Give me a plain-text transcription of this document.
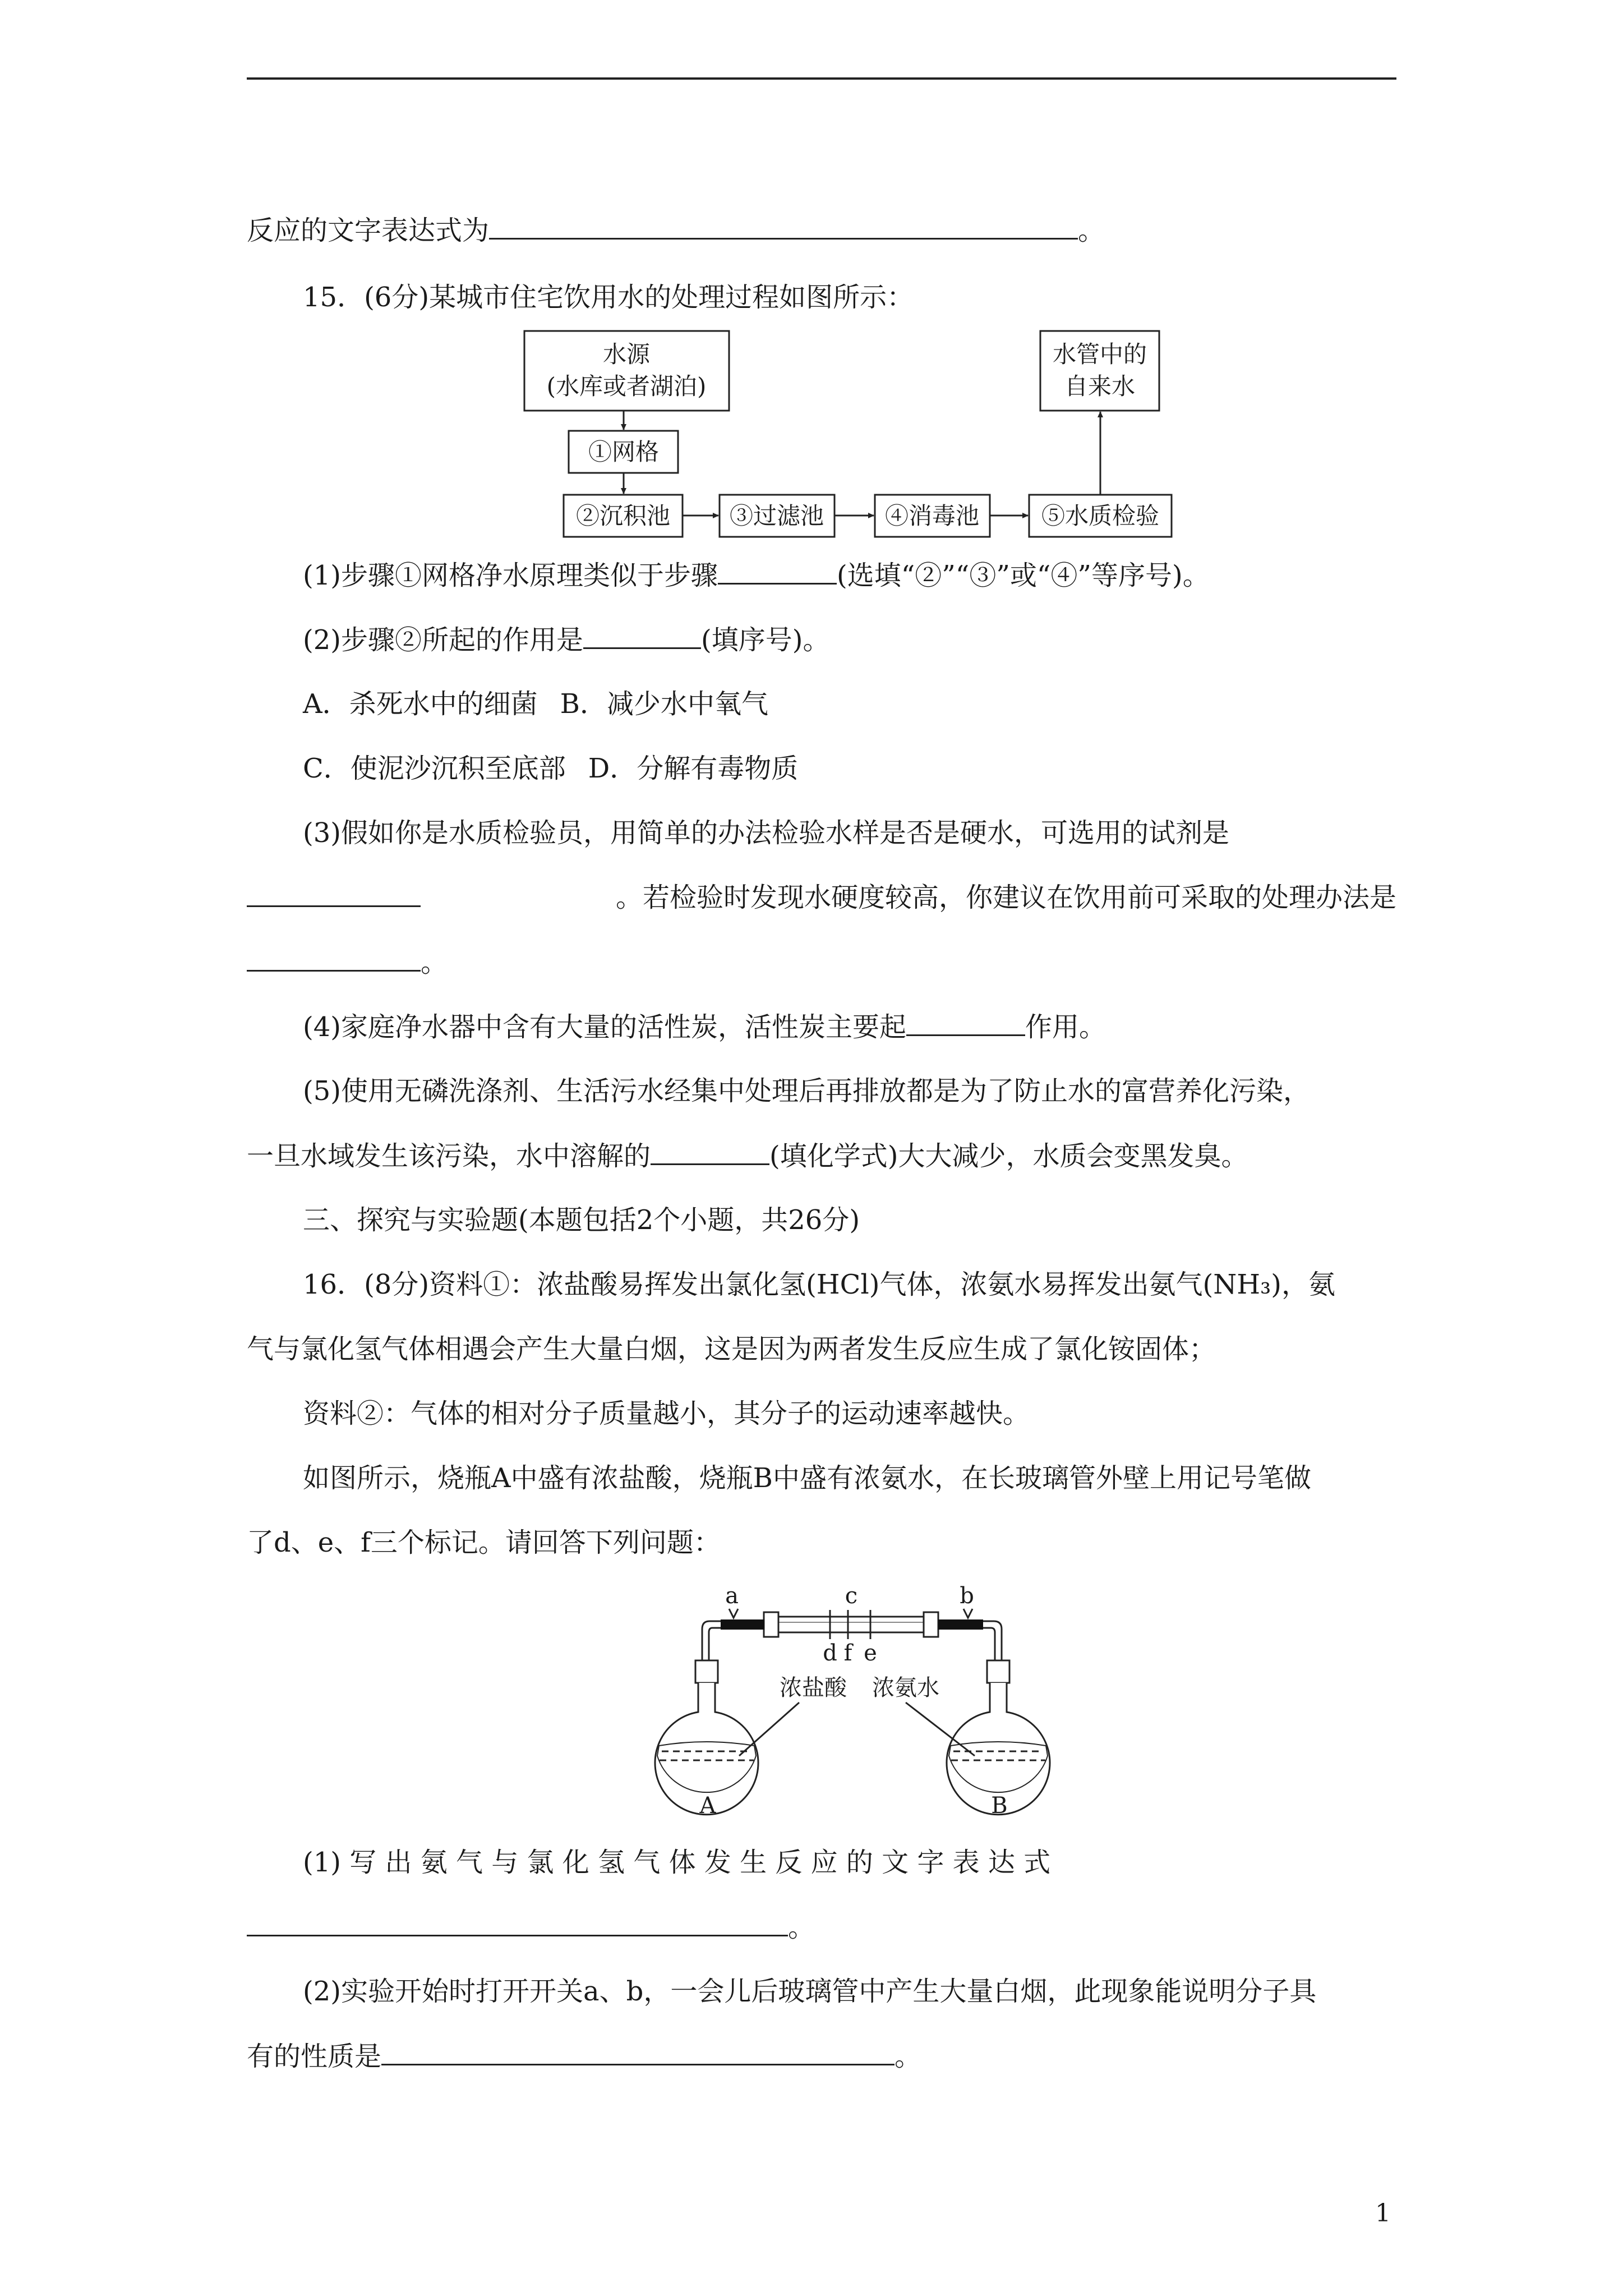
反应的文字表达式为	。
15．(6分)某城市住宅饮用水的处理过程如图所示：
水源
(水库或者湖泊)
①网格
②沉积池	③过滤池	④消毒池	⑤水质检验
水管中的
自来水
(1)步骤①网格净水原理类似于步骤	(选填“②”“③”或“④”等序号)。
(2)步骤②所起的作用是	(填序号)。
A．杀死水中的细菌 B．减少水中氧气
C．使泥沙沉积至底部 D．分解有毒物质
(3)假如你是水质检验员，用简单的办法检验水样是否是硬水，可选用的试剂是
。若检验时发现水硬度较高，你建议在饮用前可采取的处理办法是
。
(4)家庭净水器中含有大量的活性炭，活性炭主要起	作用。
(5)使用无磷洗涤剂、生活污水经集中处理后再排放都是为了防止水的富营养化污染，
一旦水域发生该污染，水中溶解的	(填化学式)大大减少，水质会变黑发臭。
三、探究与实验题(本题包括2个小题，共26分)
16．(8分)资料①：浓盐酸易挥发出氯化氢(HCl)气体，浓氨水易挥发出氨气(NH₃)，氨
气与氯化氢气体相遇会产生大量白烟，这是因为两者发生反应生成了氯化铵固体；
资料②：气体的相对分子质量越小，其分子的运动速率越快。
如图所示，烧瓶A中盛有浓盐酸，烧瓶B中盛有浓氨水，在长玻璃管外壁上用记号笔做
了d、e、f三个标记。请回答下列问题：
a	c	b
d f e
浓盐酸 浓氨水
A	B
(1) 写 出 氨 气 与 氯 化 氢 气 体 发 生 反 应 的 文 字 表 达 式
。
(2)实验开始时打开开关a、b，一会儿后玻璃管中产生大量白烟，此现象能说明分子具
有的性质是	。
1
